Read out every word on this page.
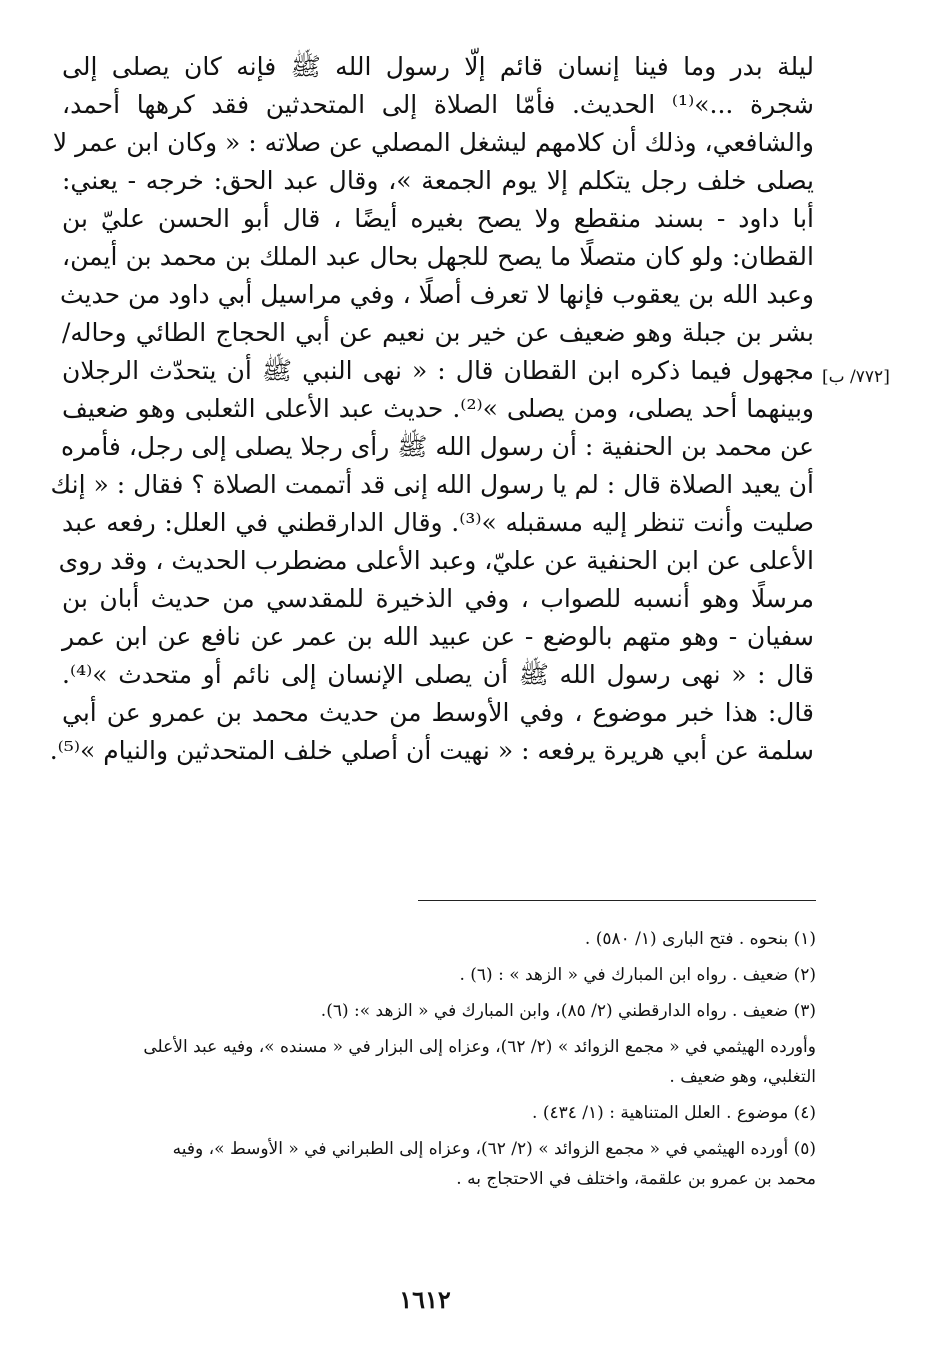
ليلة بدر وما فينا إنسان قائم إلّا رسول الله ﷺ فإنه كان يصلى إلى
شجرة ...»⁽¹⁾ الحديث. فأمّا الصلاة إلى المتحدثين فقد كرهها أحمد،
والشافعي، وذلك أن كلامهم ليشغل المصلي عن صلاته : « وكان ابن عمر لا
يصلى خلف رجل يتكلم إلا يوم الجمعة »، وقال عبد الحق: خرجه - يعني:
أبا داود - بسند منقطع ولا يصح بغيره أيضًا ، قال أبو الحسن عليّ بن
القطان: ولو كان متصلًا ما يصح للجهل بحال عبد الملك بن محمد بن أيمن،
وعبد الله بن يعقوب فإنها لا تعرف أصلًا ، وفي مراسيل أبي داود من حديث
بشر بن جبلة وهو ضعيف عن خير بن نعيم عن أبي الحجاج الطائي وحاله/
مجهول فيما ذكره ابن القطان قال : « نهى النبي ﷺ أن يتحدّث الرجلان
وبينهما أحد يصلى، ومن يصلى »⁽²⁾. حديث عبد الأعلى الثعلبى وهو ضعيف
عن محمد بن الحنفية : أن رسول الله ﷺ رأى رجلا يصلى إلى رجل، فأمره
أن يعيد الصلاة قال : لم يا رسول الله إنى قد أتممت الصلاة ؟ فقال : « إنك
صليت وأنت تنظر إليه مسقبله »⁽³⁾. وقال الدارقطني في العلل: رفعه عبد
الأعلى عن ابن الحنفية عن عليّ، وعبد الأعلى مضطرب الحديث ، وقد روى
مرسلًا وهو أنسبه للصواب ، وفي الذخيرة للمقدسي من حديث أبان بن
سفيان - وهو متهم بالوضع - عن عبيد الله بن عمر عن نافع عن ابن عمر
قال : « نهى رسول الله ﷺ أن يصلى الإنسان إلى نائم أو متحدث »⁽⁴⁾.
قال: هذا خبر موضوع ، وفي الأوسط من حديث محمد بن عمرو عن أبي
سلمة عن أبي هريرة يرفعه : « نهيت أن أصلي خلف المتحدثين والنيام »⁽⁵⁾.
[٧٧٢/ ب]
(١) بنحوه . فتح البارى (١/ ٥٨٠) .
(٢) ضعيف . رواه ابن المبارك في « الزهد » : (٦) .
(٣) ضعيف . رواه الدارقطني (٢/ ٨٥)، وابن المبارك في « الزهد »: (٦).
وأورده الهيثمي في « مجمع الزوائد » (٢/ ٦٢)، وعزاه إلى البزار في « مسنده »، وفيه عبد الأعلى
التغلبي، وهو ضعيف .
(٤) موضوع . العلل المتناهية : (١/ ٤٣٤) .
(٥) أورده الهيثمي في « مجمع الزوائد » (٢/ ٦٢)، وعزاه إلى الطبراني في « الأوسط »، وفيه
محمد بن عمرو بن علقمة، واختلف في الاحتجاج به .
١٦١٢
